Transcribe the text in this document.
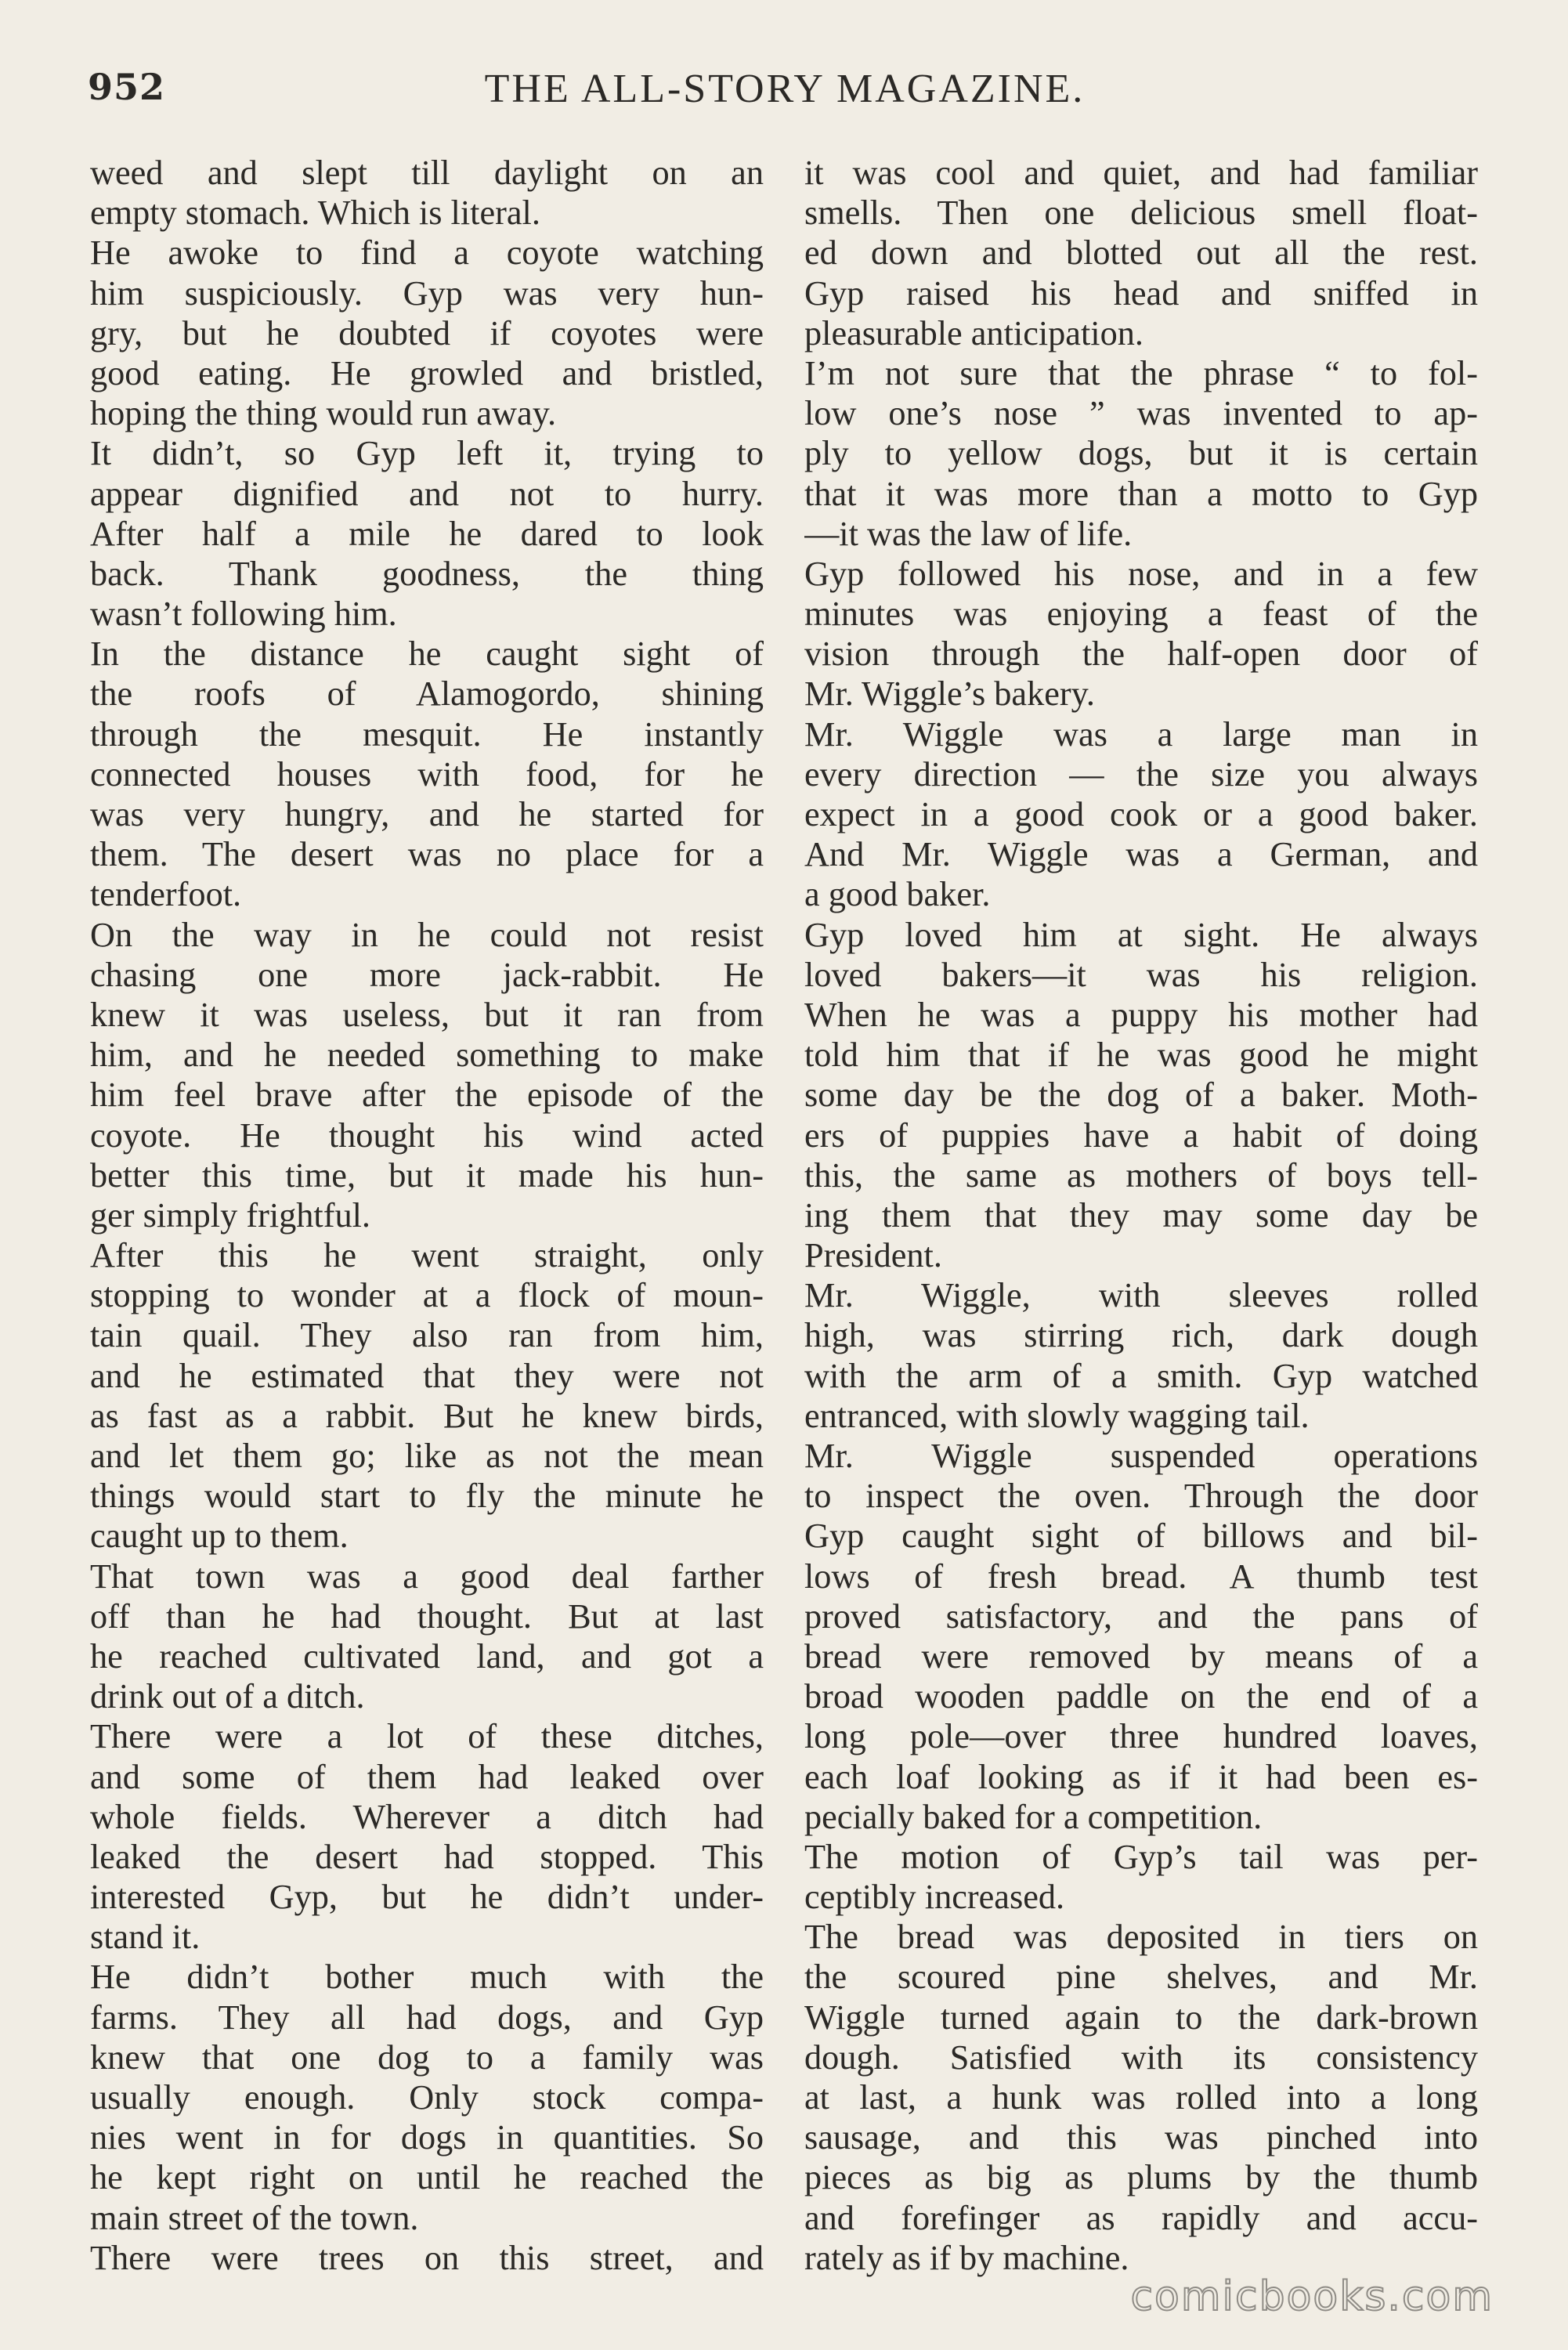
952	THE ALL-STORY MAGAZINE.
weed and slept till daylight on an
empty stomach. Which is literal.
He awoke to find a coyote watching
him suspiciously. Gyp was very hun-
gry, but he doubted if coyotes were
good eating. He growled and bristled,
hoping the thing would run away.
It didn’t, so Gyp left it, trying to
appear dignified and not to hurry.
After half a mile he dared to look
back. Thank goodness, the thing
wasn’t following him.
In the distance he caught sight of
the roofs of Alamogordo, shining
through the mesquit. He instantly
connected houses with food, for he
was very hungry, and he started for
them. The desert was no place for a
tenderfoot.
On the way in he could not resist
chasing one more jack-rabbit. He
knew it was useless, but it ran from
him, and he needed something to make
him feel brave after the episode of the
coyote. He thought his wind acted
better this time, but it made his hun-
ger simply frightful.
After this he went straight, only
stopping to wonder at a flock of moun-
tain quail. They also ran from him,
and he estimated that they were not
as fast as a rabbit. But he knew birds,
and let them go; like as not the mean
things would start to fly the minute he
caught up to them.
That town was a good deal farther
off than he had thought. But at last
he reached cultivated land, and got a
drink out of a ditch.
There were a lot of these ditches,
and some of them had leaked over
whole fields. Wherever a ditch had
leaked the desert had stopped. This
interested Gyp, but he didn’t under-
stand it.
He didn’t bother much with the
farms. They all had dogs, and Gyp
knew that one dog to a family was
usually enough. Only stock compa-
nies went in for dogs in quantities. So
he kept right on until he reached the
main street of the town.
There were trees on this street, and
it was cool and quiet, and had familiar
smells. Then one delicious smell float-
ed down and blotted out all the rest.
Gyp raised his head and sniffed in
pleasurable anticipation.
I’m not sure that the phrase “ to fol-
low one’s nose ” was invented to ap-
ply to yellow dogs, but it is certain
that it was more than a motto to Gyp
—it was the law of life.
Gyp followed his nose, and in a few
minutes was enjoying a feast of the
vision through the half-open door of
Mr. Wiggle’s bakery.
Mr. Wiggle was a large man in
every direction — the size you always
expect in a good cook or a good baker.
And Mr. Wiggle was a German, and
a good baker.
Gyp loved him at sight. He always
loved bakers—it was his religion.
When he was a puppy his mother had
told him that if he was good he might
some day be the dog of a baker. Moth-
ers of puppies have a habit of doing
this, the same as mothers of boys tell-
ing them that they may some day be
President.
Mr. Wiggle, with sleeves rolled
high, was stirring rich, dark dough
with the arm of a smith. Gyp watched
entranced, with slowly wagging tail.
Mr. Wiggle suspended operations
to inspect the oven. Through the door
Gyp caught sight of billows and bil-
lows of fresh bread. A thumb test
proved satisfactory, and the pans of
bread were removed by means of a
broad wooden paddle on the end of a
long pole—over three hundred loaves,
each loaf looking as if it had been es-
pecially baked for a competition.
The motion of Gyp’s tail was per-
ceptibly increased.
The bread was deposited in tiers on
the scoured pine shelves, and Mr.
Wiggle turned again to the dark-brown
dough. Satisfied with its consistency
at last, a hunk was rolled into a long
sausage, and this was pinched into
pieces as big as plums by the thumb
and forefinger as rapidly and accu-
rately as if by machine.
comicbooks.com
